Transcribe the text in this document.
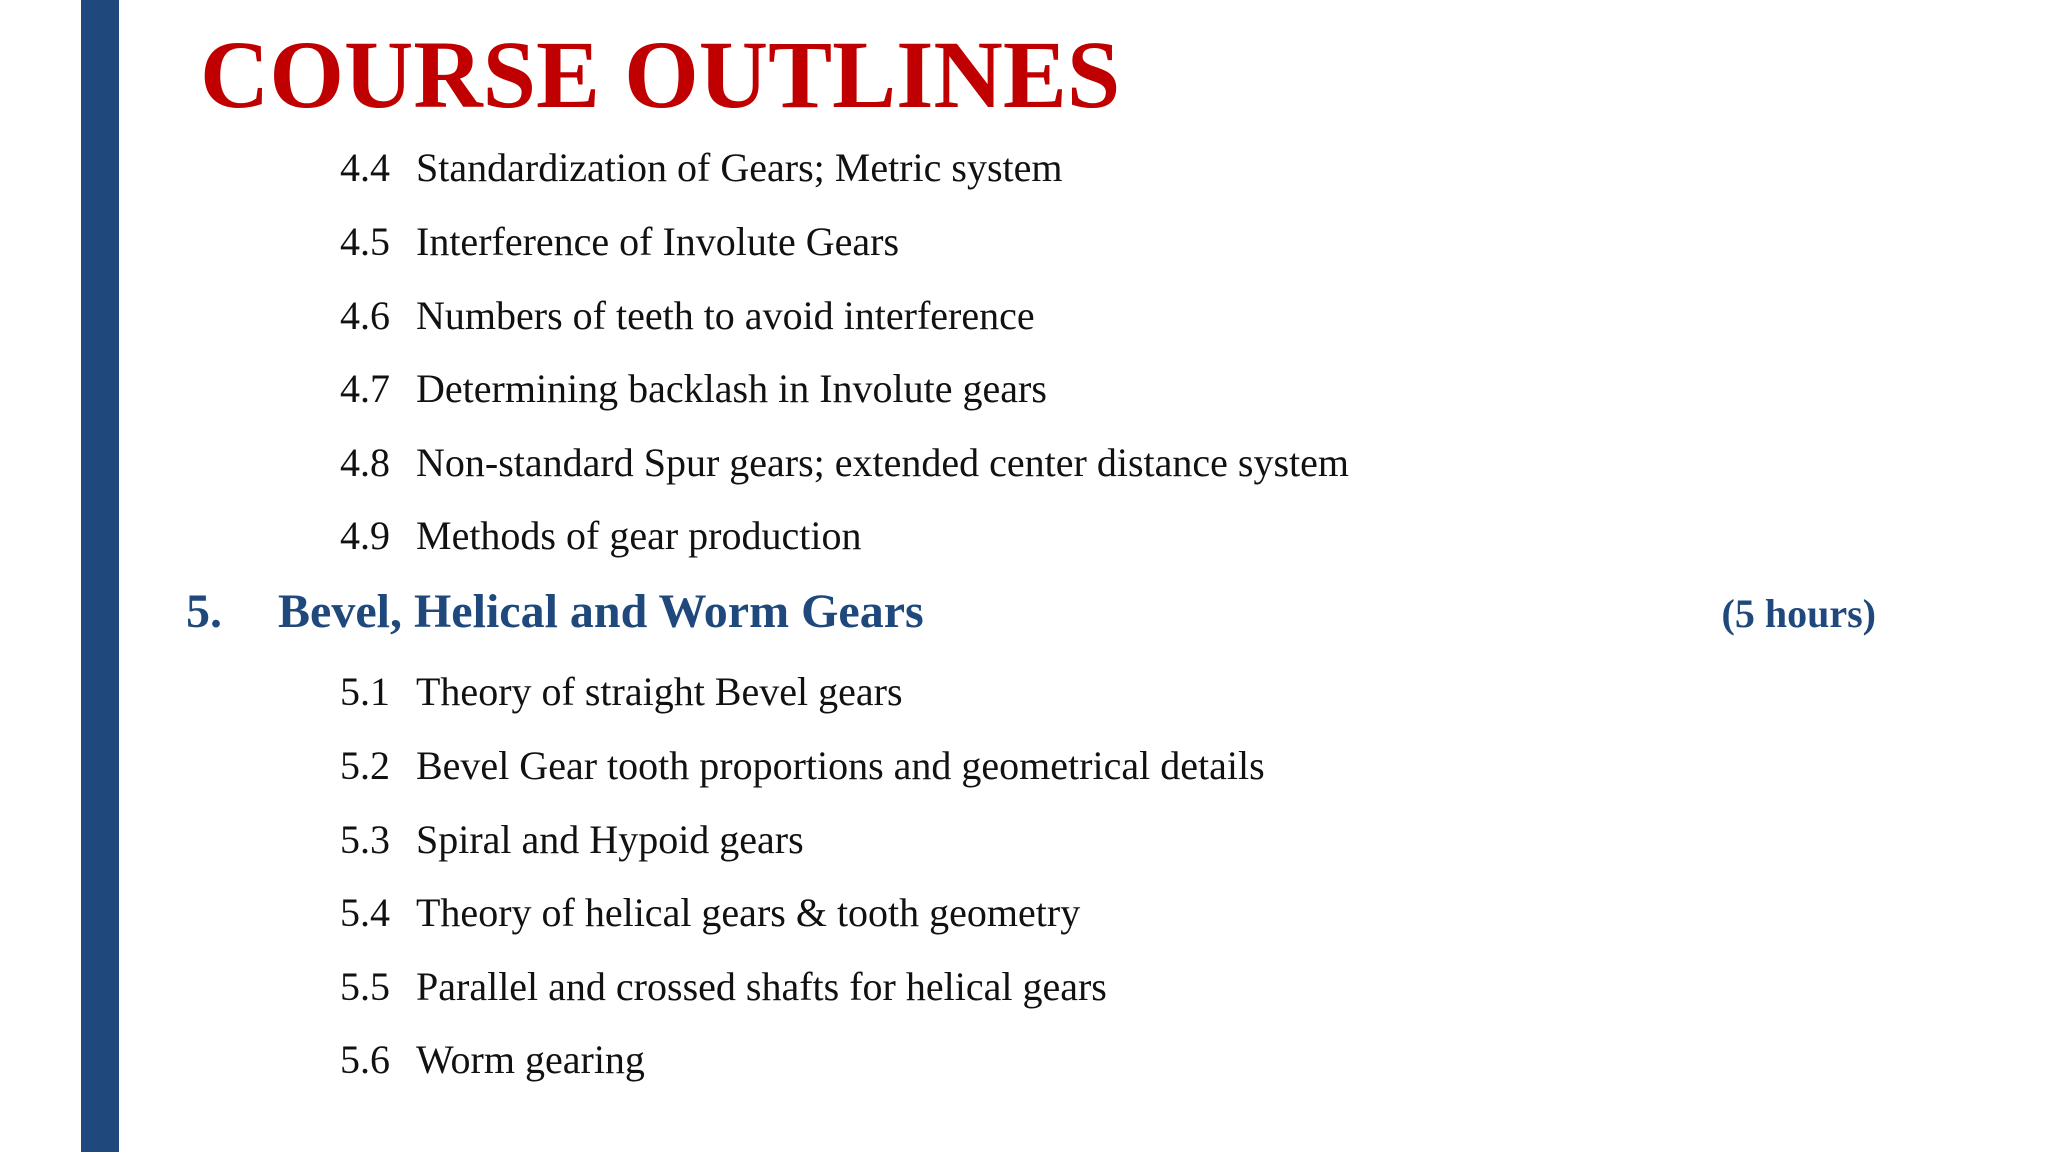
COURSE OUTLINES
4.4 Standardization of Gears; Metric system
4.5 Interference of Involute Gears
4.6 Numbers of teeth to avoid interference
4.7 Determining backlash in Involute gears
4.8 Non-standard Spur gears; extended center distance system
4.9 Methods of gear production
5. Bevel, Helical and Worm Gears	(5 hours)
5.1 Theory of straight Bevel gears
5.2 Bevel Gear tooth proportions and geometrical details
5.3 Spiral and Hypoid gears
5.4 Theory of helical gears & tooth geometry
5.5 Parallel and crossed shafts for helical gears
5.6 Worm gearing
